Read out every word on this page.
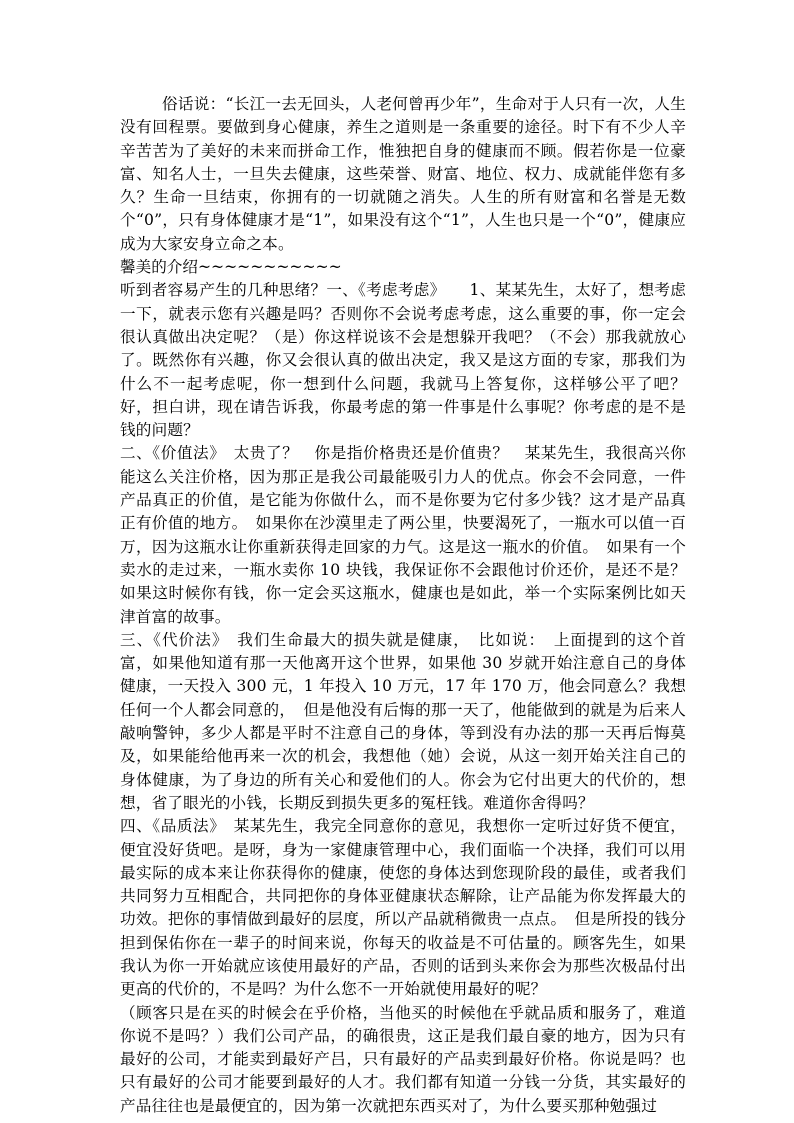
俗话说：“长江一去无回头，人老何曾再少年”，生命对于人只有一次，人生没有回程票。要做到身心健康，养生之道则是一条重要的途径。时下有不少人辛辛苦苦为了美好的未来而拼命工作，惟独把自身的健康而不顾。假若你是一位豪富、知名人士，一旦失去健康，这些荣誉、财富、地位、权力、成就能伴您有多久？生命一旦结束，你拥有的一切就随之消失。人生的所有财富和名誉是无数个“0”，只有身体健康才是“1”，如果没有这个“1”，人生也只是一个“0”，健康应成为大家安身立命之本。

馨美的介绍~~~~~~~~~~~

听到者容易产生的几种思绪？一、《考虑考虑》　　1、某某先生，太好了，想考虑一下，就表示您有兴趣是吗？否则你不会说考虑考虑，这么重要的事，你一定会很认真做出决定呢？（是）你这样说该不会是想躲开我吧？（不会）那我就放心了。既然你有兴趣，你又会很认真的做出决定，我又是这方面的专家，那我们为什么不一起考虑呢，你一想到什么问题，我就马上答复你，这样够公平了吧？好，担白讲，现在请告诉我，你最考虑的第一件事是什么事呢？你考虑的是不是钱的问题？

二、《价值法》　太贵了？　你是指价格贵还是价值贵？　某某先生，我很高兴你能这么关注价格，因为那正是我公司最能吸引力人的优点。你会不会同意，一件产品真正的价值，是它能为你做什么，而不是你要为它付多少钱？这才是产品真正有价值的地方。　如果你在沙漠里走了两公里，快要渴死了，一瓶水可以值一百万，因为这瓶水让你重新获得走回家的力气。这是这一瓶水的价值。　如果有一个卖水的走过来，一瓶水卖你 10 块钱，我保证你不会跟他讨价还价，是还不是？如果这时候你有钱，你一定会买这瓶水，健康也是如此，举一个实际案例比如天津首富的故事。

三、《代价法》　我们生命最大的损失就是健康，　比如说：　上面提到的这个首富，如果他知道有那一天他离开这个世界，如果他 30 岁就开始注意自己的身体健康，一天投入 300 元，1 年投入 10 万元，17 年 170 万，他会同意么？我想任何一个人都会同意的，　但是他没有后悔的那一天了，他能做到的就是为后来人敲响警钟，多少人都是平时不注意自己的身体，等到没有办法的那一天再后悔莫及，如果能给他再来一次的机会，我想他（她）会说，从这一刻开始关注自己的身体健康，为了身边的所有关心和爱他们的人。你会为它付出更大的代价的，想想，省了眼光的小钱，长期反到损失更多的冤枉钱。难道你舍得吗？

四、《品质法》　某某先生，我完全同意你的意见，我想你一定听过好货不便宜，便宜没好货吧。是呀，身为一家健康管理中心，我们面临一个决择，我们可以用最实际的成本来让你获得你的健康，使您的身体达到您现阶段的最佳，或者我们共同努力互相配合，共同把你的身体亚健康状态解除，让产品能为你发挥最大的功效。把你的事情做到最好的层度，所以产品就稍微贵一点点。　但是所投的钱分担到保佑你在一辈子的时间来说，你每天的收益是不可估量的。顾客先生，如果我认为你一开始就应该使用最好的产品，否则的话到头来你会为那些次极品付出更高的代价的，不是吗？为什么您不一开始就使用最好的呢？

（顾客只是在买的时候会在乎价格，当他买的时候他在乎就品质和服务了，难道你说不是吗？）我们公司产品，的确很贵，这正是我们最自豪的地方，因为只有最好的公司，才能卖到最好产吕，只有最好的产品卖到最好价格。你说是吗？也只有最好的公司才能要到最好的人才。我们都有知道一分钱一分货，其实最好的产品往往也是最便宜的，因为第一次就把东西买对了，为什么要买那种勉强过
